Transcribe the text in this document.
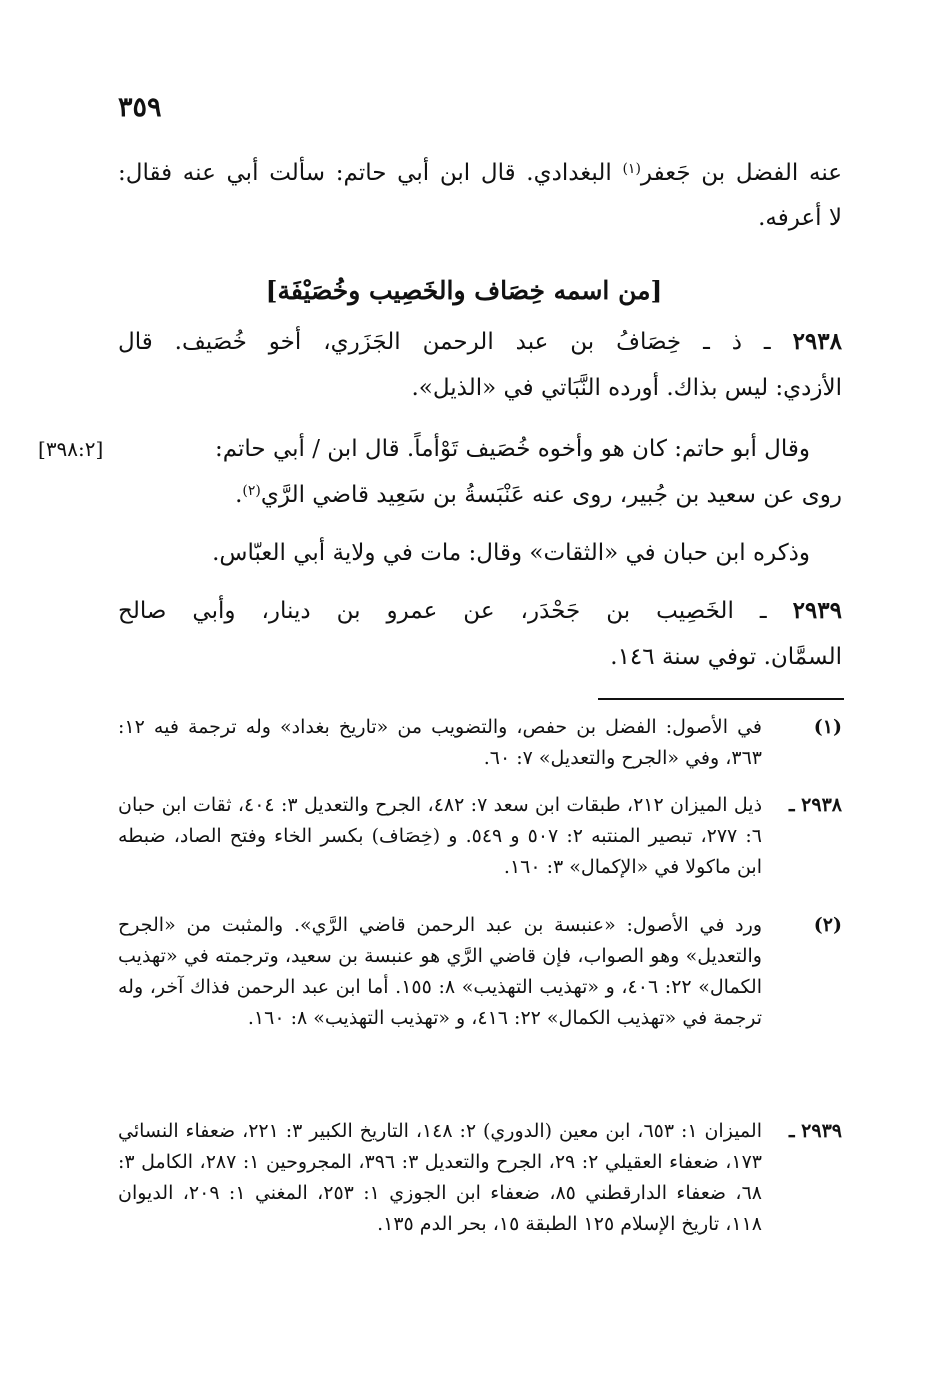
٣٥٩
عنه الفضل بن جَعفر$^{(١)}$ البغدادي. قال ابن أبي حاتم: سألت أبي عنه فقال:
لا أعرفه.
[من اسمه خِصَاف والخَصِيب وخُصَيْفَة]
٢٩٣٨ ـ ذ ـ خِصَافُ بن عبد الرحمن الجَزَري، أخو خُصَيف. قال
الأزدي: ليس بذاك. أورده النَّبَاتي في «الذيل».
وقال أبو حاتم: كان هو وأخوه خُصَيف تَوْأماً. قال ابن / أبي حاتم:
[٣٩٨:٢]
روى عن سعيد بن جُبير، روى عنه عَنْبَسةُ بن سَعِيد قاضي الرَّي$^{(٢)}$.
وذكره ابن حبان في «الثقات» وقال: مات في ولاية أبي العبّاس.
٢٩٣٩ ـ الخَصِيب بن جَحْدَر، عن عمرو بن دينار، وأبي صالح
السمَّان. توفي سنة ١٤٦.
(١)
في الأصول: الفضل بن حفص، والتضويب من «تاريخ بغداد» وله ترجمة فيه ١٢: ٣٦٣، وفي «الجرح والتعديل» ٧: ٦٠.
٢٩٣٨ ـ
ذيل الميزان ٢١٢، طبقات ابن سعد ٧: ٤٨٢، الجرح والتعديل ٣: ٤٠٤، ثقات ابن حبان ٦: ٢٧٧، تبصير المنتبه ٢: ٥٠٧ و ٥٤٩. و (خِصَاف) بكسر الخاء وفتح الصاد، ضبطه ابن ماكولا في «الإكمال» ٣: ١٦٠.
(٢)
ورد في الأصول: «عنبسة بن عبد الرحمن قاضي الرَّي». والمثبت من «الجرح والتعديل» وهو الصواب، فإن قاضي الرَّي هو عنبسة بن سعيد، وترجمته في «تهذيب الكمال» ٢٢: ٤٠٦، و «تهذيب التهذيب» ٨: ١٥٥. أما ابن عبد الرحمن فذاك آخر، وله ترجمة في «تهذيب الكمال» ٢٢: ٤١٦، و «تهذيب التهذيب» ٨: ١٦٠.
٢٩٣٩ ـ
الميزان ١: ٦٥٣، ابن معين (الدوري) ٢: ١٤٨، التاريخ الكبير ٣: ٢٢١، ضعفاء النسائي ١٧٣، ضعفاء العقيلي ٢: ٢٩، الجرح والتعديل ٣: ٣٩٦، المجروحين ١: ٢٨٧، الكامل ٣: ٦٨، ضعفاء الدارقطني ٨٥، ضعفاء ابن الجوزي ١: ٢٥٣، المغني ١: ٢٠٩، الديوان ١١٨، تاريخ الإسلام ١٢٥ الطبقة ١٥، بحر الدم ١٣٥.
